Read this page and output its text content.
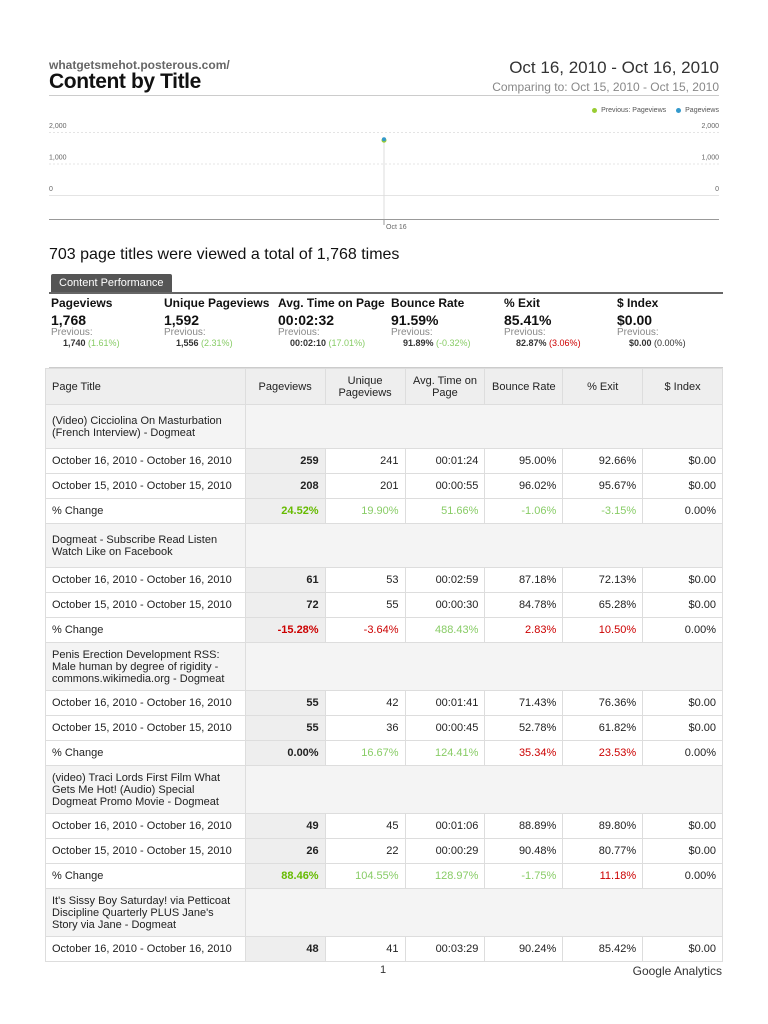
whatgetsmehot.posterous.com/
Content by Title
Oct 16, 2010 - Oct 16, 2010
Comparing to: Oct 15, 2010 - Oct 15, 2010
Previous: Pageviews	Pageviews
2,000	2,000
1,000	1,000
0	0
Oct 16
703 page titles were viewed a total of 1,768 times
Content Performance
Pageviews
1,768
Previous:
1,740 (1.61%)
Unique Pageviews
1,592
Previous:
1,556 (2.31%)
Avg. Time on Page
00:02:32
Previous:
00:02:10 (17.01%)
Bounce Rate
91.59%
Previous:
91.89% (-0.32%)
% Exit
85.41%
Previous:
82.87% (3.06%)
$ Index
$0.00
Previous:
$0.00 (0.00%)
Page Title	Pageviews	Unique Pageviews	Avg. Time on Page	Bounce Rate	% Exit	$ Index
(Video) Cicciolina On Masturbation (French Interview) - Dogmeat						
October 16, 2010 - October 16, 2010	259	241	00:01:24	95.00%	92.66%	$0.00
October 15, 2010 - October 15, 2010	208	201	00:00:55	96.02%	95.67%	$0.00
% Change	24.52%	19.90%	51.66%	-1.06%	-3.15%	0.00%
Dogmeat - Subscribe Read Listen Watch Like on Facebook						
October 16, 2010 - October 16, 2010	61	53	00:02:59	87.18%	72.13%	$0.00
October 15, 2010 - October 15, 2010	72	55	00:00:30	84.78%	65.28%	$0.00
% Change	-15.28%	-3.64%	488.43%	2.83%	10.50%	0.00%
Penis Erection Development RSS: Male human by degree of rigidity - commons.wikimedia.org - Dogmeat						
October 16, 2010 - October 16, 2010	55	42	00:01:41	71.43%	76.36%	$0.00
October 15, 2010 - October 15, 2010	55	36	00:00:45	52.78%	61.82%	$0.00
% Change	0.00%	16.67%	124.41%	35.34%	23.53%	0.00%
(video) Traci Lords First Film What Gets Me Hot! (Audio) Special Dogmeat Promo Movie - Dogmeat						
October 16, 2010 - October 16, 2010	49	45	00:01:06	88.89%	89.80%	$0.00
October 15, 2010 - October 15, 2010	26	22	00:00:29	90.48%	80.77%	$0.00
% Change	88.46%	104.55%	128.97%	-1.75%	11.18%	0.00%
It's Sissy Boy Saturday! via Petticoat Discipline Quarterly PLUS Jane's Story via Jane - Dogmeat						
October 16, 2010 - October 16, 2010	48	41	00:03:29	90.24%	85.42%	$0.00
1	Google Analytics
